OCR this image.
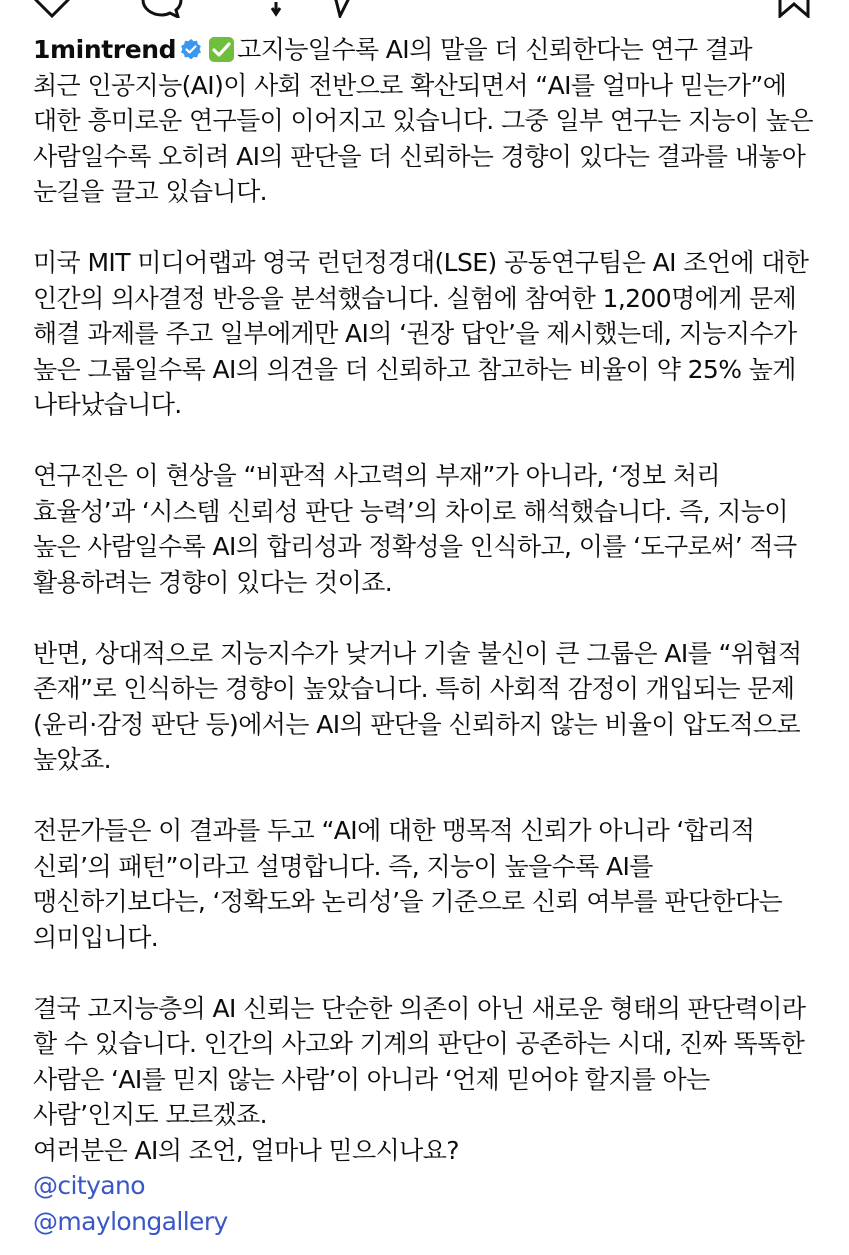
1mintrend 고지능일수록 AI의 말을 더 신뢰한다는 연구 결과

최근 인공지능(AI)이 사회 전반으로 확산되면서 “AI를 얼마나 믿는가”에 대한 흥미로운 연구들이 이어지고 있습니다. 그중 일부 연구는 지능이 높은 사람일수록 오히려 AI의 판단을 더 신뢰하는 경향이 있다는 결과를 내놓아 눈길을 끌고 있습니다.

미국 MIT 미디어랩과 영국 런던정경대(LSE) 공동연구팀은 AI 조언에 대한 인간의 의사결정 반응을 분석했습니다. 실험에 참여한 1,200명에게 문제 해결 과제를 주고 일부에게만 AI의 ‘권장 답안’을 제시했는데, 지능지수가 높은 그룹일수록 AI의 의견을 더 신뢰하고 참고하는 비율이 약 25% 높게 나타났습니다.

연구진은 이 현상을 “비판적 사고력의 부재”가 아니라, ‘정보 처리 효율성’과 ‘시스템 신뢰성 판단 능력’의 차이로 해석했습니다. 즉, 지능이 높은 사람일수록 AI의 합리성과 정확성을 인식하고, 이를 ‘도구로써’ 적극 활용하려는 경향이 있다는 것이죠.

반면, 상대적으로 지능지수가 낮거나 기술 불신이 큰 그룹은 AI를 “위협적 존재”로 인식하는 경향이 높았습니다. 특히 사회적 감정이 개입되는 문제(윤리·감정 판단 등)에서는 AI의 판단을 신뢰하지 않는 비율이 압도적으로 높았죠.

전문가들은 이 결과를 두고 “AI에 대한 맹목적 신뢰가 아니라 ‘합리적 신뢰’의 패턴”이라고 설명합니다. 즉, 지능이 높을수록 AI를 맹신하기보다는, ‘정확도와 논리성’을 기준으로 신뢰 여부를 판단한다는 의미입니다.

결국 고지능층의 AI 신뢰는 단순한 의존이 아닌 새로운 형태의 판단력이라 할 수 있습니다. 인간의 사고와 기계의 판단이 공존하는 시대, 진짜 똑똑한 사람은 ‘AI를 믿지 않는 사람’이 아니라 ‘언제 믿어야 할지를 아는 사람’인지도 모르겠죠.

여러분은 AI의 조언, 얼마나 믿으시나요?

@cityano
@maylongallery
